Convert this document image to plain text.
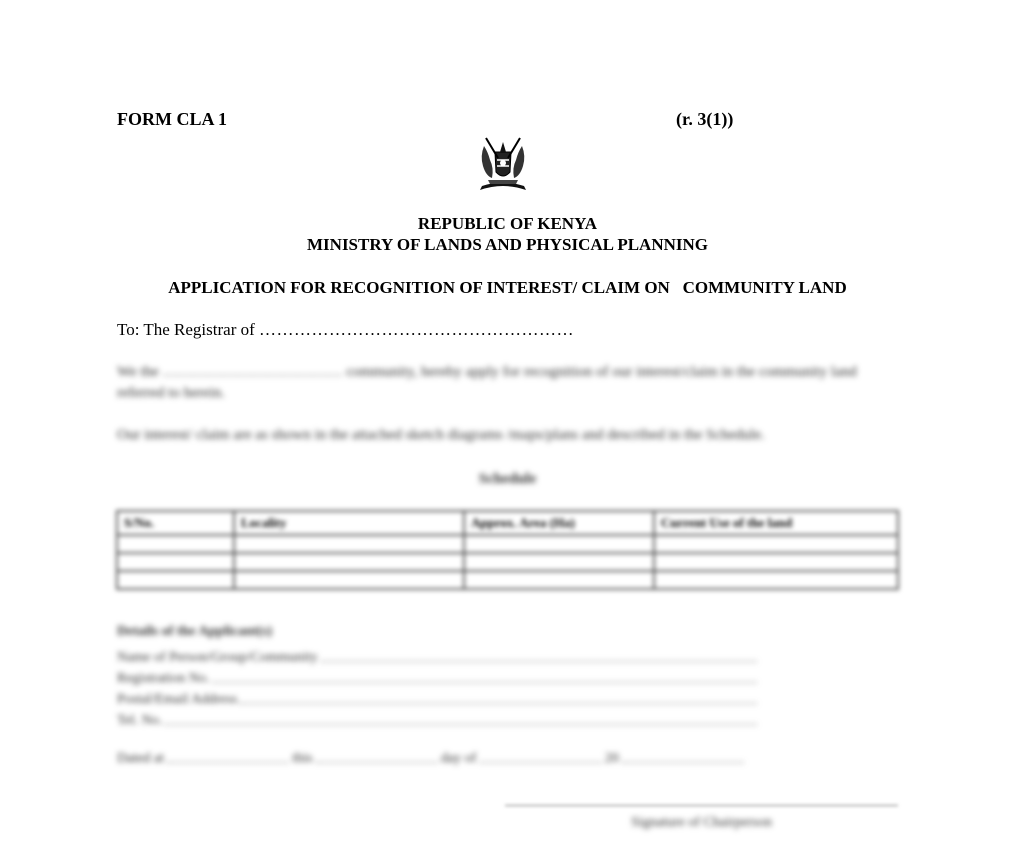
FORM CLA 1	(r. 3(1))
REPUBLIC OF KENYA
MINISTRY OF LANDS AND PHYSICAL PLANNING
APPLICATION FOR RECOGNITION OF INTEREST/ CLAIM ON   COMMUNITY LAND
To: The Registrar of ………………………………………………
We the ……………………………… community, hereby apply for recognition of our interest/claim in the community land referred to herein.
Our interest/ claim are as shown in the attached sketch diagrams /maps/plans and described in the Schedule.
Schedule
S/No.	Locality	Approx. Area (Ha)	Current Use of the land

Details of the Applicant(s)
Name of Person/Group/Community
Registration No.
Postal/Email Address
Tel. No.
Dated at	this	day of	20
Signature of Chairperson
